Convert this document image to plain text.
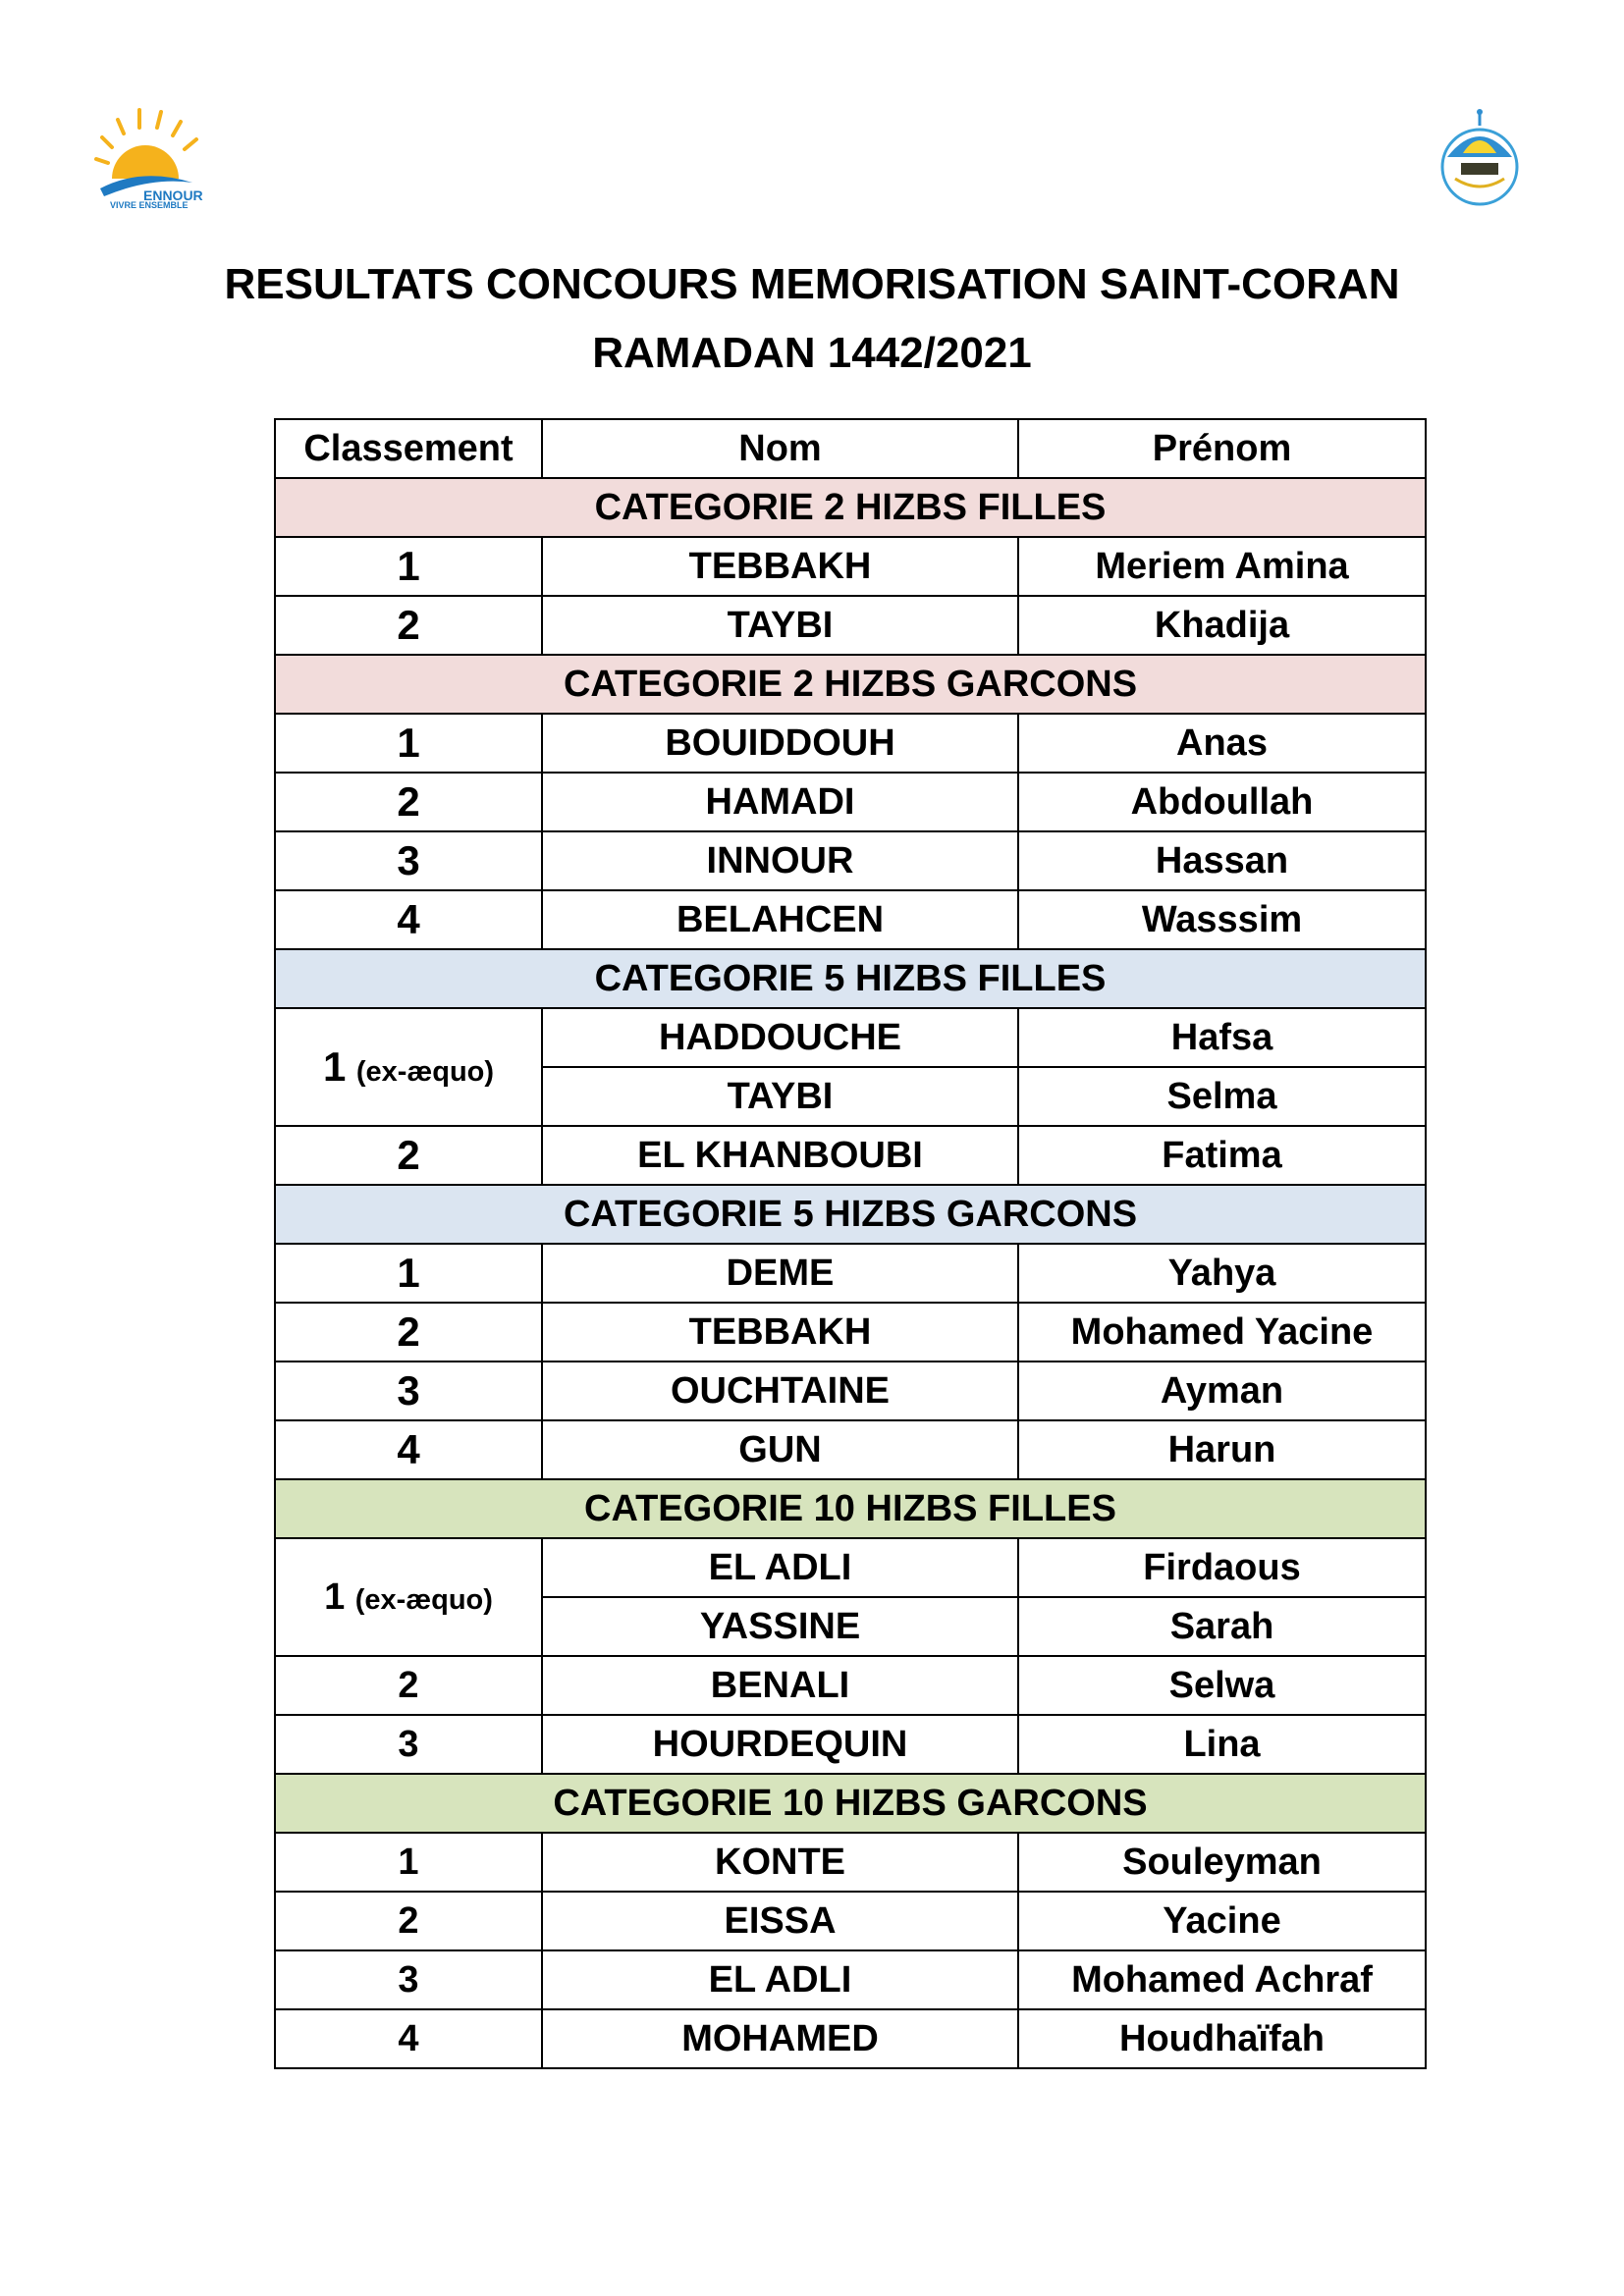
VIVRE ENSEMBLE
ENNOUR
RESULTATS CONCOURS MEMORISATION SAINT-CORAN
RAMADAN 1442/2021
Classement	Nom	Prénom
CATEGORIE 2 HIZBS FILLES		
1	TEBBAKH	Meriem Amina
2	TAYBI	Khadija
CATEGORIE 2 HIZBS GARCONS		
1	BOUIDDOUH	Anas
2	HAMADI	Abdoullah
3	INNOUR	Hassan
4	BELAHCEN	Wasssim
CATEGORIE 5 HIZBS FILLES		
1 (ex-æquo)	HADDOUCHE	Hafsa
	TAYBI	Selma
2	EL KHANBOUBI	Fatima
CATEGORIE 5 HIZBS GARCONS		
1	DEME	Yahya
2	TEBBAKH	Mohamed Yacine
3	OUCHTAINE	Ayman
4	GUN	Harun
CATEGORIE 10 HIZBS FILLES		
1 (ex-æquo)	EL ADLI	Firdaous
	YASSINE	Sarah
2	BENALI	Selwa
3	HOURDEQUIN	Lina
CATEGORIE 10 HIZBS GARCONS		
1	KONTE	Souleyman
2	EISSA	Yacine
3	EL ADLI	Mohamed Achraf
4	MOHAMED	Houdhaïfah
